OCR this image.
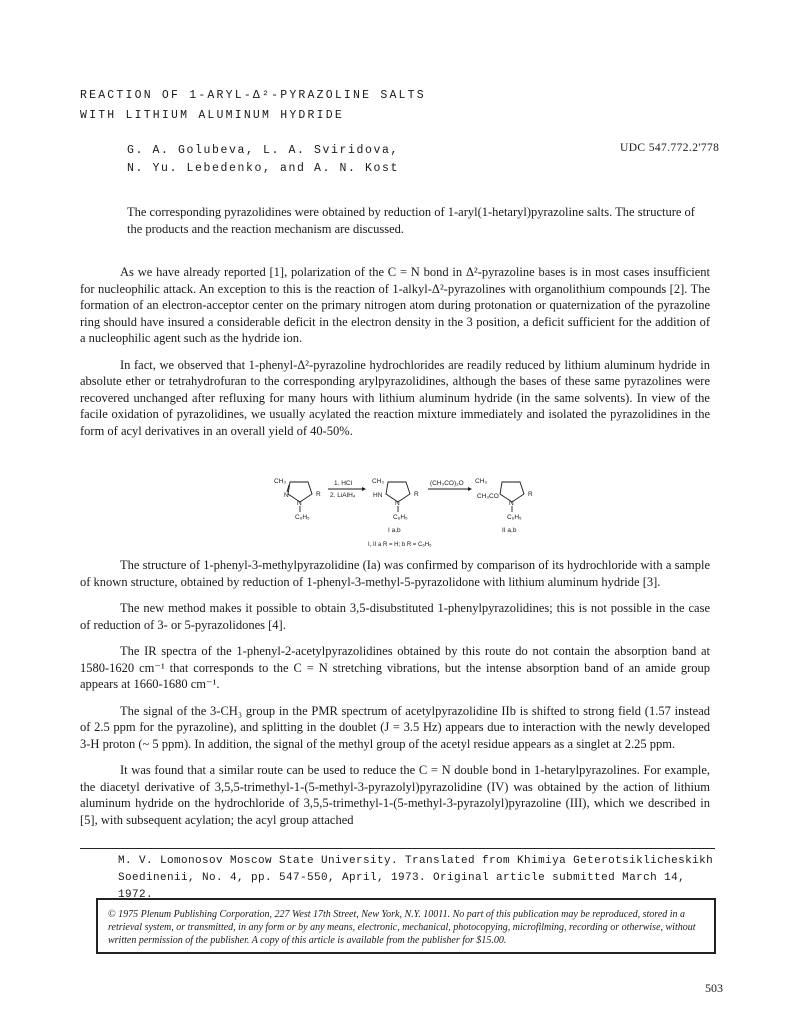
REACTION OF 1-ARYL-Δ²-PYRAZOLINE SALTS
WITH LITHIUM ALUMINUM HYDRIDE
G. A. Golubeva, L. A. Sviridova,
N. Yu. Lebedenko, and A. N. Kost
UDC 547.772.2'778
The corresponding pyrazolidines were obtained by reduction of 1-aryl(1-hetaryl)pyrazoline salts. The structure of the products and the reaction mechanism are discussed.

As we have already reported [1], polarization of the C = N bond in Δ²-pyrazoline bases is in most cases insufficient for nucleophilic attack. An exception to this is the reaction of 1-alkyl-Δ²-pyrazolines with organolithium compounds [2]. The formation of an electron-acceptor center on the primary nitrogen atom during protonation or quaternization of the pyrazoline ring should have insured a considerable deficit in the electron density in the 3 position, a deficit sufficient for the addition of a nucleophilic agent such as the hydride ion.

In fact, we observed that 1-phenyl-Δ²-pyrazoline hydrochlorides are readily reduced by lithium aluminum hydride in absolute ether or tetrahydrofuran to the corresponding arylpyrazolidines, although the bases of these same pyrazolines were recovered unchanged after refluxing for many hours with lithium aluminum hydride (in the same solvents). In view of the facile oxidation of pyrazolidines, we usually acylated the reaction mixture immediately and isolated the pyrazolidines in the form of acyl derivatives in an overall yield of 40-50%.

CH₃
N
N
R
C₆H₅
1. HCl
2. LiAlH₄
CH₃
HN
N
R
C₆H₅
I a,b
(CH₃CO)₂O CH₃
CH₃CO
N
R
C₆H₅
II a,b
I, II a R = H; b R = C₆H₅

The structure of 1-phenyl-3-methylpyrazolidine (Ia) was confirmed by comparison of its hydrochloride with a sample of known structure, obtained by reduction of 1-phenyl-3-methyl-5-pyrazolidone with lithium aluminum hydride [3].

The new method makes it possible to obtain 3,5-disubstituted 1-phenylpyrazolidines; this is not possible in the case of reduction of 3- or 5-pyrazolidones [4].

The IR spectra of the 1-phenyl-2-acetylpyrazolidines obtained by this route do not contain the absorption band at 1580-1620 cm⁻¹ that corresponds to the C = N stretching vibrations, but the intense absorption band of an amide group appears at 1660-1680 cm⁻¹.

The signal of the 3-CH₃ group in the PMR spectrum of acetylpyrazolidine IIb is shifted to strong field (1.57 instead of 2.5 ppm for the pyrazoline), and splitting in the doublet (J = 3.5 Hz) appears due to interaction with the newly developed 3-H proton (~ 5 ppm). In addition, the signal of the methyl group of the acetyl residue appears as a singlet at 2.25 ppm.

It was found that a similar route can be used to reduce the C = N double bond in 1-hetarylpyrazolines. For example, the diacetyl derivative of 3,5,5-trimethyl-1-(5-methyl-3-pyrazolyl)pyrazolidine (IV) was obtained by the action of lithium aluminum hydride on the hydrochloride of 3,5,5-trimethyl-1-(5-methyl-3-pyrazolyl)pyrazoline (III), which we described in [5], with subsequent acylation; the acyl group attached

M. V. Lomonosov Moscow State University. Translated from Khimiya Geterotsiklicheskikh Soedinenii, No. 4, pp. 547-550, April, 1973. Original article submitted March 14, 1972.
© 1975 Plenum Publishing Corporation, 227 West 17th Street, New York, N.Y. 10011. No part of this publication may be reproduced, stored in a retrieval system, or transmitted, in any form or by any means, electronic, mechanical, photocopying, microfilming, recording or otherwise, without written permission of the publisher. A copy of this article is available from the publisher for $15.00.
503
